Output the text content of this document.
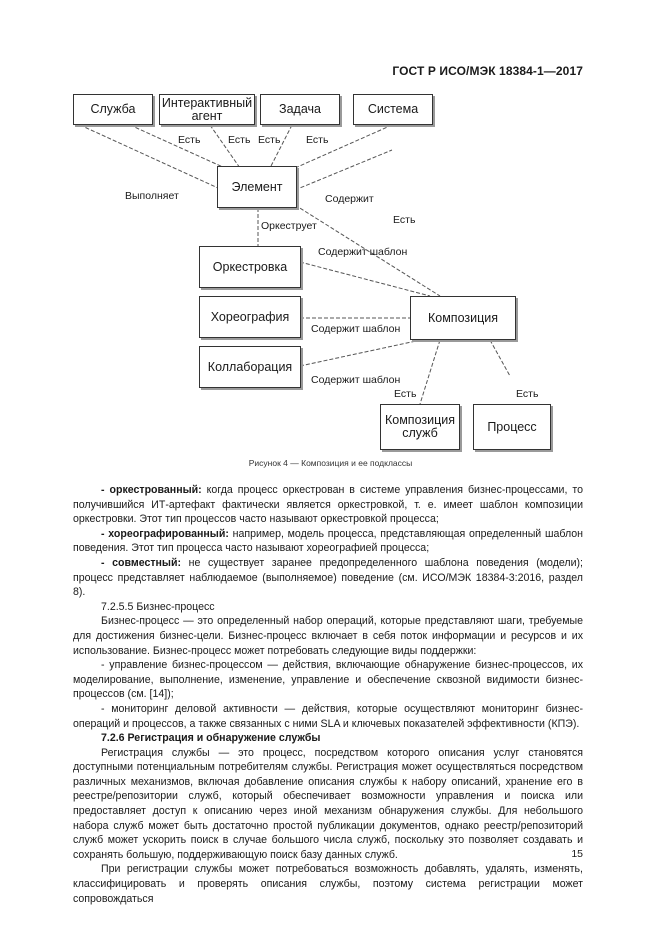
ГОСТ Р ИСО/МЭК 18384-1—2017
Служба Интерактивный
агент	Задача	Система
Элемент
Оркестровка
Хореография
Коллаборация
Композиция
Композиция
служб	Процесс
Есть	Есть Есть Есть
Выполняет	Содержит
Есть
Оркеструет
Содержит шаблон
Содержит шаблон
Содержит шаблон
Есть	Есть
Рисунок 4 — Композиция и ее подклассы

- оркестрованный: когда процесс оркестрован в системе управления бизнес-процессами, то получившийся ИТ-артефакт фактически является оркестровкой, т. е. имеет шаблон композиции оркестровки. Этот тип процессов часто называют оркестровкой процесса;

- хореографированный: например, модель процесса, представляющая определенный шаблон поведения. Этот тип процесса часто называют хореографией процесса;

- совместный: не существует заранее предопределенного шаблона поведения (модели); процесс представляет наблюдаемое (выполняемое) поведение (см. ИСО/МЭК 18384-3:2016, раздел 8).

7.2.5.5 Бизнес-процесс

Бизнес-процесс — это определенный набор операций, которые представляют шаги, требуемые для достижения бизнес-цели. Бизнес-процесс включает в себя поток информации и ресурсов и их использование. Бизнес-процесс может потребовать следующие виды поддержки:

- управление бизнес-процессом — действия, включающие обнаружение бизнес-процессов, их моделирование, выполнение, изменение, управление и обеспечение сквозной видимости бизнес-процессов (см. [14]);

- мониторинг деловой активности — действия, которые осуществляют мониторинг бизнес-операций и процессов, а также связанных с ними SLA и ключевых показателей эффективности (КПЭ).

7.2.6 Регистрация и обнаружение службы

Регистрация службы — это процесс, посредством которого описания услуг становятся доступными потенциальным потребителям службы. Регистрация может осуществляться посредством различных механизмов, включая добавление описания службы к набору описаний, хранение его в реестре/репозитории служб, который обеспечивает возможности управления и поиска или предоставляет доступ к описанию через иной механизм обнаружения службы. Для небольшого набора служб может быть достаточно простой публикации документов, однако реестр/репозиторий служб может ускорить поиск в случае большого числа служб, поскольку это позволяет создавать и сохранять большую, поддерживающую поиск базу данных служб.

При регистрации службы может потребоваться возможность добавлять, удалять, изменять, классифицировать и проверять описания службы, поэтому система регистрации может сопровождаться

15
